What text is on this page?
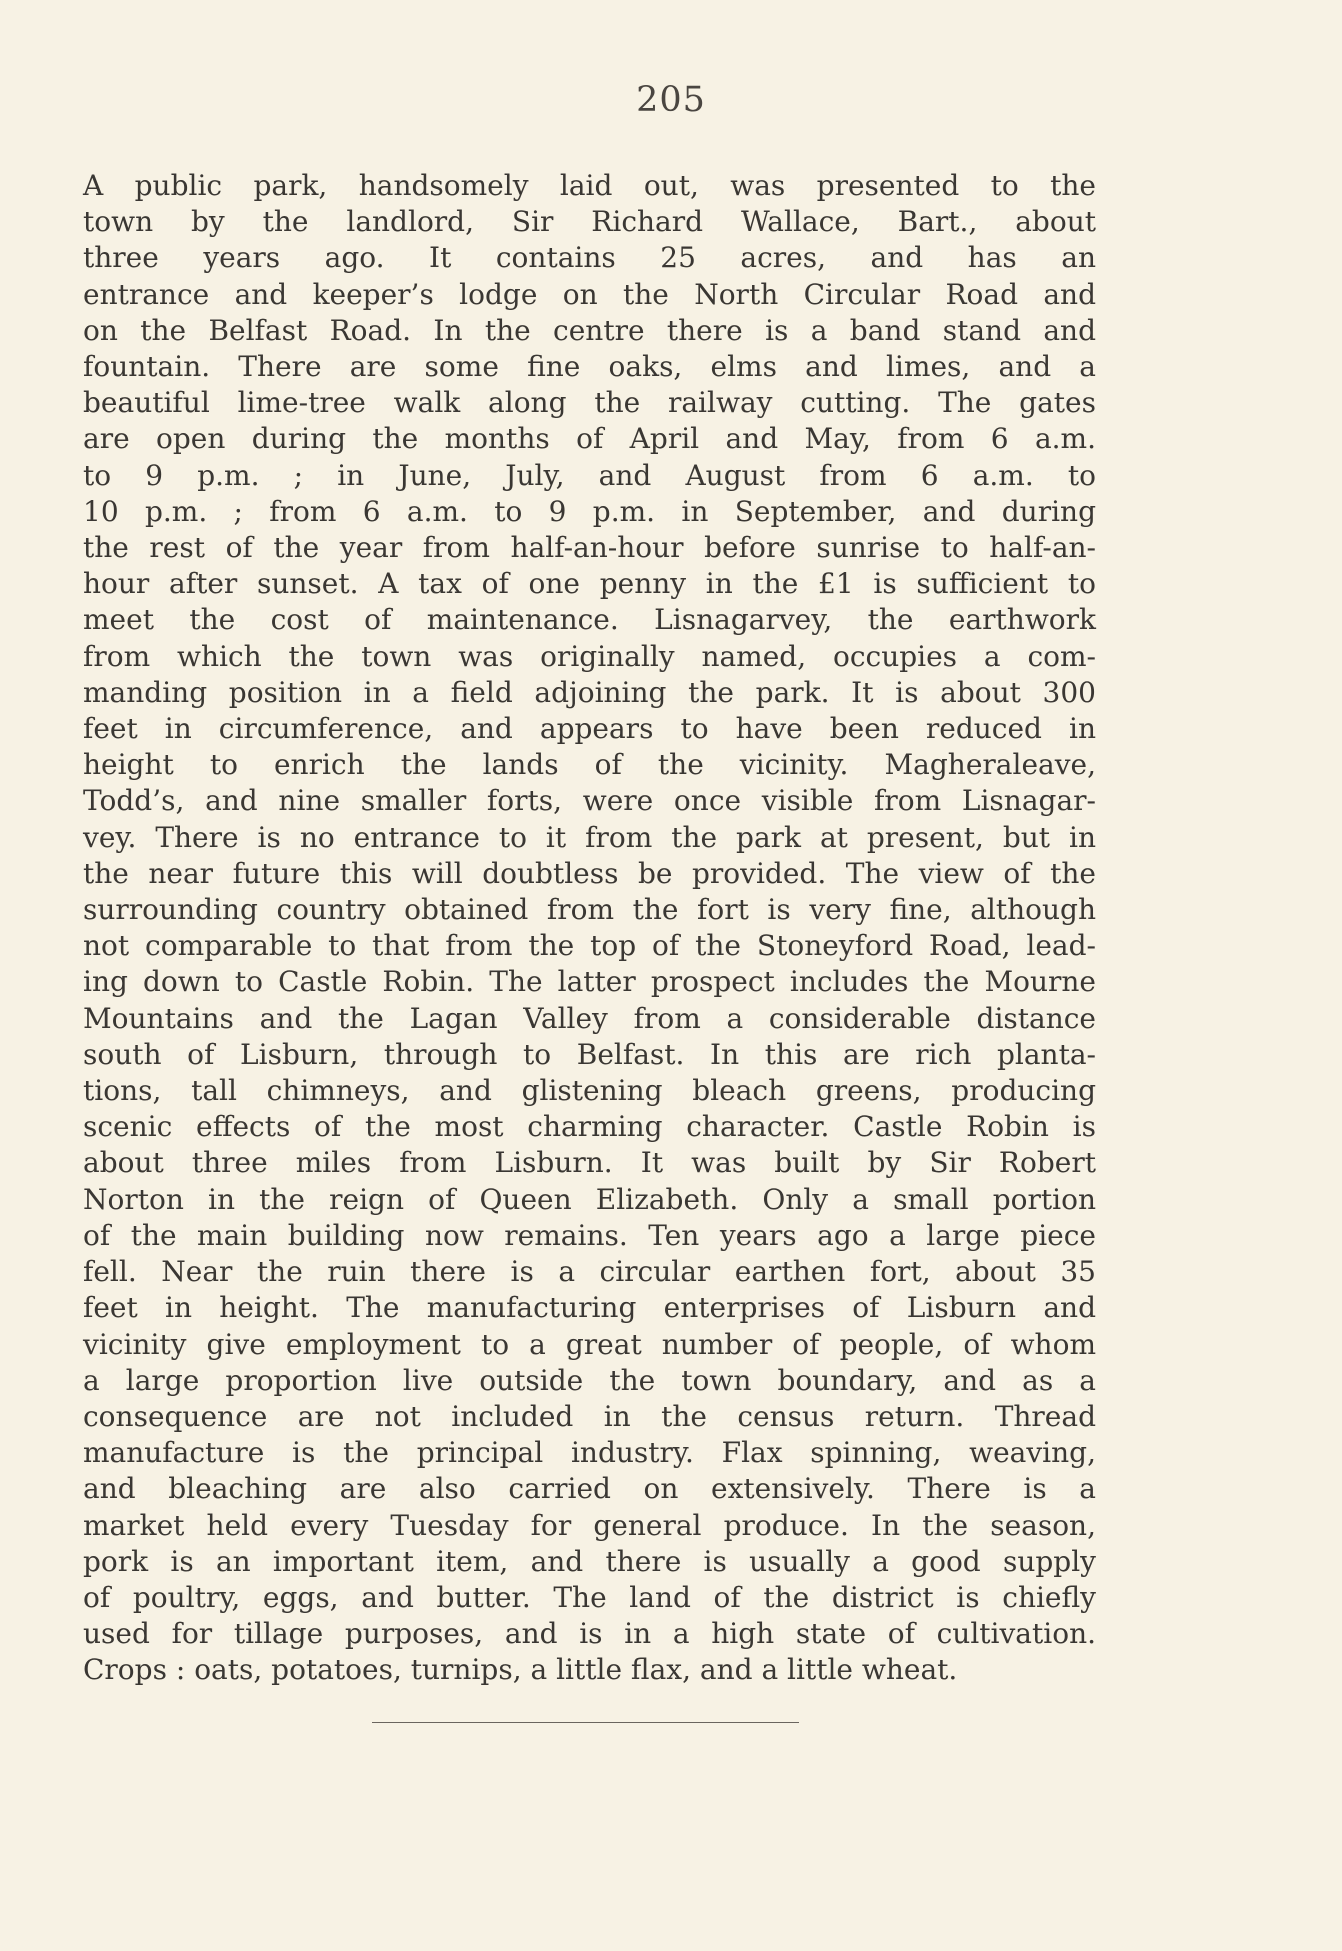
205

A public park, handsomely laid out, was presented to the
town by the landlord, Sir Richard Wallace, Bart., about
three years ago. It contains 25 acres, and has an
entrance and keeper’s lodge on the North Circular Road and
on the Belfast Road. In the centre there is a band stand and
fountain. There are some fine oaks, elms and limes, and a
beautiful lime-tree walk along the railway cutting. The gates
are open during the months of April and May, from 6 a.m.
to 9 p.m. ; in June, July, and August from 6 a.m. to
10 p.m. ; from 6 a.m. to 9 p.m. in September, and during
the rest of the year from half-an-hour before sunrise to half-an-
hour after sunset. A tax of one penny in the £1 is sufficient to
meet the cost of maintenance. Lisnagarvey, the earthwork
from which the town was originally named, occupies a com-
manding position in a field adjoining the park. It is about 300
feet in circumference, and appears to have been reduced in
height to enrich the lands of the vicinity. Magheraleave,
Todd’s, and nine smaller forts, were once visible from Lisnagar-
vey. There is no entrance to it from the park at present, but in
the near future this will doubtless be provided. The view of the
surrounding country obtained from the fort is very fine, although
not comparable to that from the top of the Stoneyford Road, lead-
ing down to Castle Robin. The latter prospect includes the Mourne
Mountains and the Lagan Valley from a considerable distance
south of Lisburn, through to Belfast. In this are rich planta-
tions, tall chimneys, and glistening bleach greens, producing
scenic effects of the most charming character. Castle Robin is
about three miles from Lisburn. It was built by Sir Robert
Norton in the reign of Queen Elizabeth. Only a small portion
of the main building now remains. Ten years ago a large piece
fell. Near the ruin there is a circular earthen fort, about 35
feet in height. The manufacturing enterprises of Lisburn and
vicinity give employment to a great number of people, of whom
a large proportion live outside the town boundary, and as a
consequence are not included in the census return. Thread
manufacture is the principal industry. Flax spinning, weaving,
and bleaching are also carried on extensively. There is a
market held every Tuesday for general produce. In the season,
pork is an important item, and there is usually a good supply
of poultry, eggs, and butter. The land of the district is chiefly
used for tillage purposes, and is in a high state of cultivation.
Crops : oats, potatoes, turnips, a little flax, and a little wheat.
